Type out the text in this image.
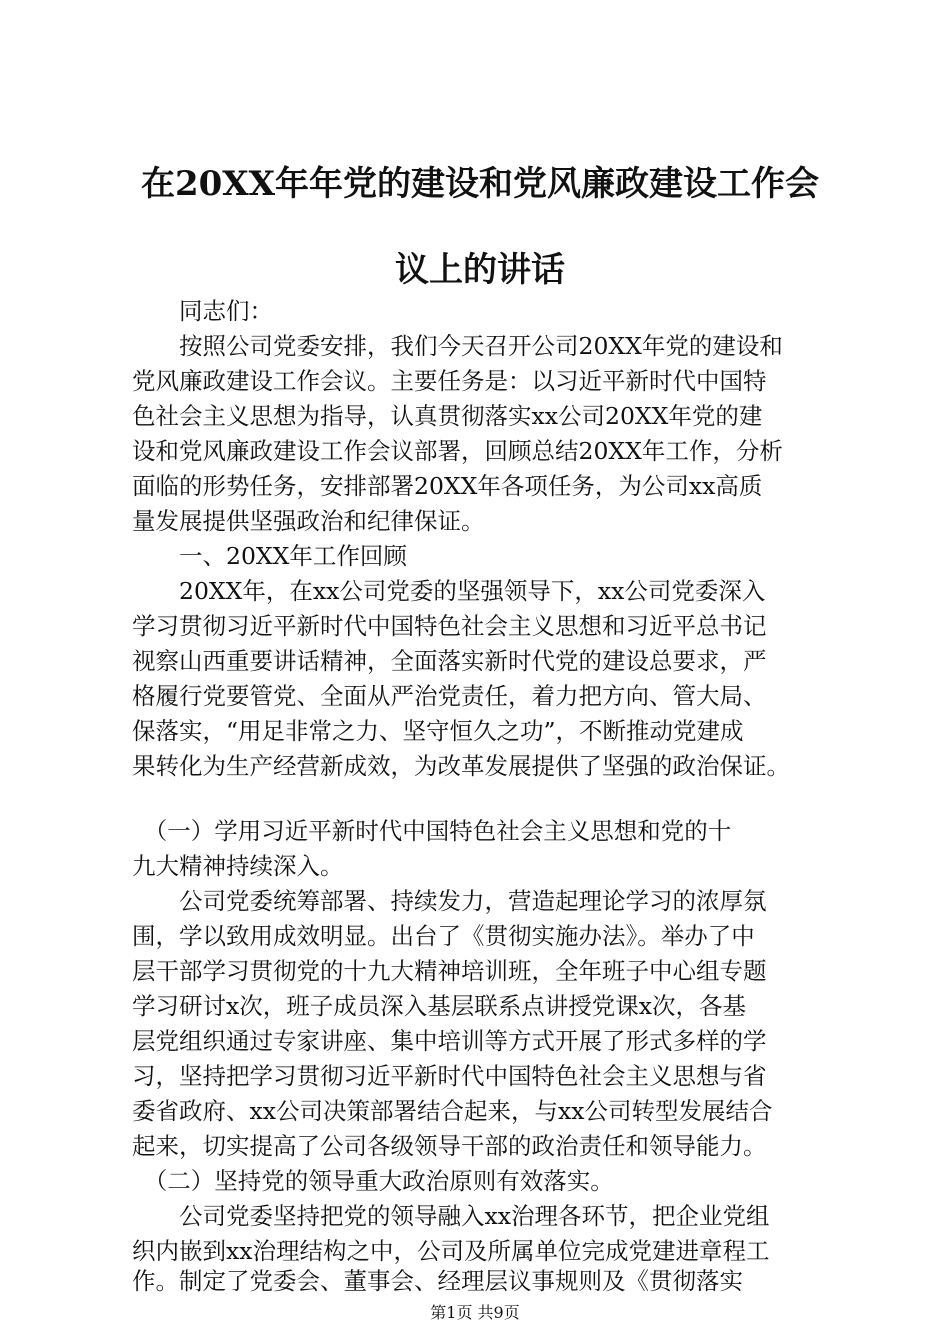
在20XX年年党的建设和党风廉政建设工作会
议上的讲话
　　同志们：
　　按照公司党委安排，我们今天召开公司20XX年党的建设和
党风廉政建设工作会议。主要任务是：以习近平新时代中国特
色社会主义思想为指导，认真贯彻落实xx公司20XX年党的建
设和党风廉政建设工作会议部署，回顾总结20XX年工作，分析
面临的形势任务，安排部署20XX年各项任务，为公司xx高质
量发展提供坚强政治和纪律保证。
　　一、20XX年工作回顾
　　20XX年，在xx公司党委的坚强领导下，xx公司党委深入
学习贯彻习近平新时代中国特色社会主义思想和习近平总书记
视察山西重要讲话精神，全面落实新时代党的建设总要求，严
格履行党要管党、全面从严治党责任，着力把方向、管大局、
保落实，“用足非常之力、坚守恒久之功”，不断推动党建成
果转化为生产经营新成效，为改革发展提供了坚强的政治保证。
　（一）学用习近平新时代中国特色社会主义思想和党的十
九大精神持续深入。
　　公司党委统筹部署、持续发力，营造起理论学习的浓厚氛
围，学以致用成效明显。出台了《贯彻实施办法》。举办了中
层干部学习贯彻党的十九大精神培训班，全年班子中心组专题
学习研讨x次，班子成员深入基层联系点讲授党课x次，各基
层党组织通过专家讲座、集中培训等方式开展了形式多样的学
习，坚持把学习贯彻习近平新时代中国特色社会主义思想与省
委省政府、xx公司决策部署结合起来，与xx公司转型发展结合
起来，切实提高了公司各级领导干部的政治责任和领导能力。
　（二）坚持党的领导重大政治原则有效落实。
　　公司党委坚持把党的领导融入xx治理各环节，把企业党组
织内嵌到xx治理结构之中，公司及所属单位完成党建进章程工
作。制定了党委会、董事会、经理层议事规则及《贯彻落实
第1页 共9页
